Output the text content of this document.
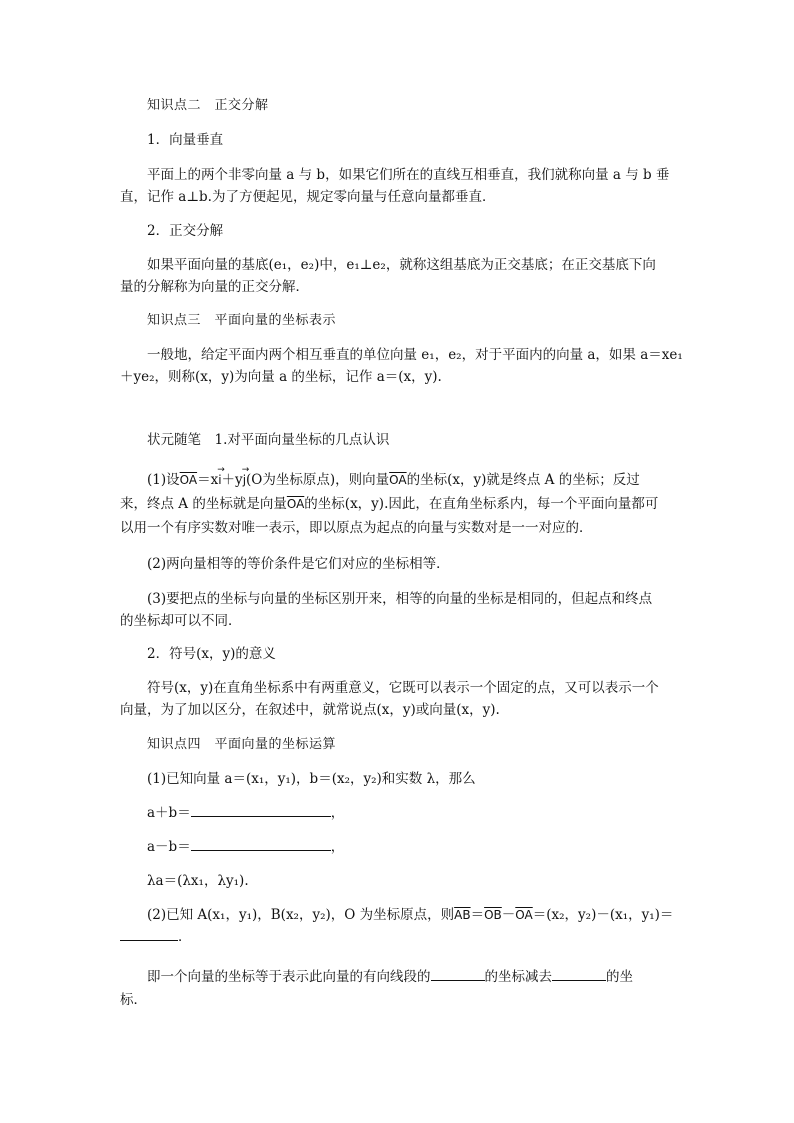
知识点二　正交分解
1．向量垂直
平面上的两个非零向量 a 与 b，如果它们所在的直线互相垂直，我们就称向量 a 与 b 垂
直，记作 a⊥b.为了方便起见，规定零向量与任意向量都垂直．
2．正交分解
如果平面向量的基底(e₁，e₂)中，e₁⊥e₂，就称这组基底为正交基底；在正交基底下向
量的分解称为向量的正交分解．
知识点三　平面向量的坐标表示
一般地，给定平面内两个相互垂直的单位向量 e₁，e₂，对于平面内的向量 a，如果 a＝xe₁
＋ye₂，则称(x，y)为向量 a 的坐标，记作 a＝(x，y).
状元随笔　1.对平面向量坐标的几点认识
(1)设$\overline{OA}=x\to i+y\to j(O$为坐标原点)，则向量$\overline{OA}$的坐标(x，y)就是终点 A 的坐标；反过
来，终点 A 的坐标就是向量$\overline{OA}$的坐标(x，y).因此，在直角坐标系内，每一个平面向量都可
以用一个有序实数对唯一表示，即以原点为起点的向量与实数对是一一对应的．
(2)两向量相等的等价条件是它们对应的坐标相等．
(3)要把点的坐标与向量的坐标区别开来，相等的向量的坐标是相同的，但起点和终点
的坐标却可以不同．
2．符号(x，y)的意义
符号(x，y)在直角坐标系中有两重意义，它既可以表示一个固定的点，又可以表示一个
向量，为了加以区分，在叙述中，就常说点(x，y)或向量(x，y).
知识点四　平面向量的坐标运算
(1)已知向量 a＝(x₁，y₁)，b＝(x₂，y₂)和实数 λ，那么
a＋b＝	，
a－b＝	，
λa＝(λx₁，λy₁).
(2)已知 A(x₁，y₁)，B(x₂，y₂)，O 为坐标原点，则$\overline{AB}=\overline{OB}-\overline{OA}=(x_2$，y₂)－(x₁，y₁)＝
．
即一个向量的坐标等于表示此向量的有向线段的	的坐标减去	的坐
标．
